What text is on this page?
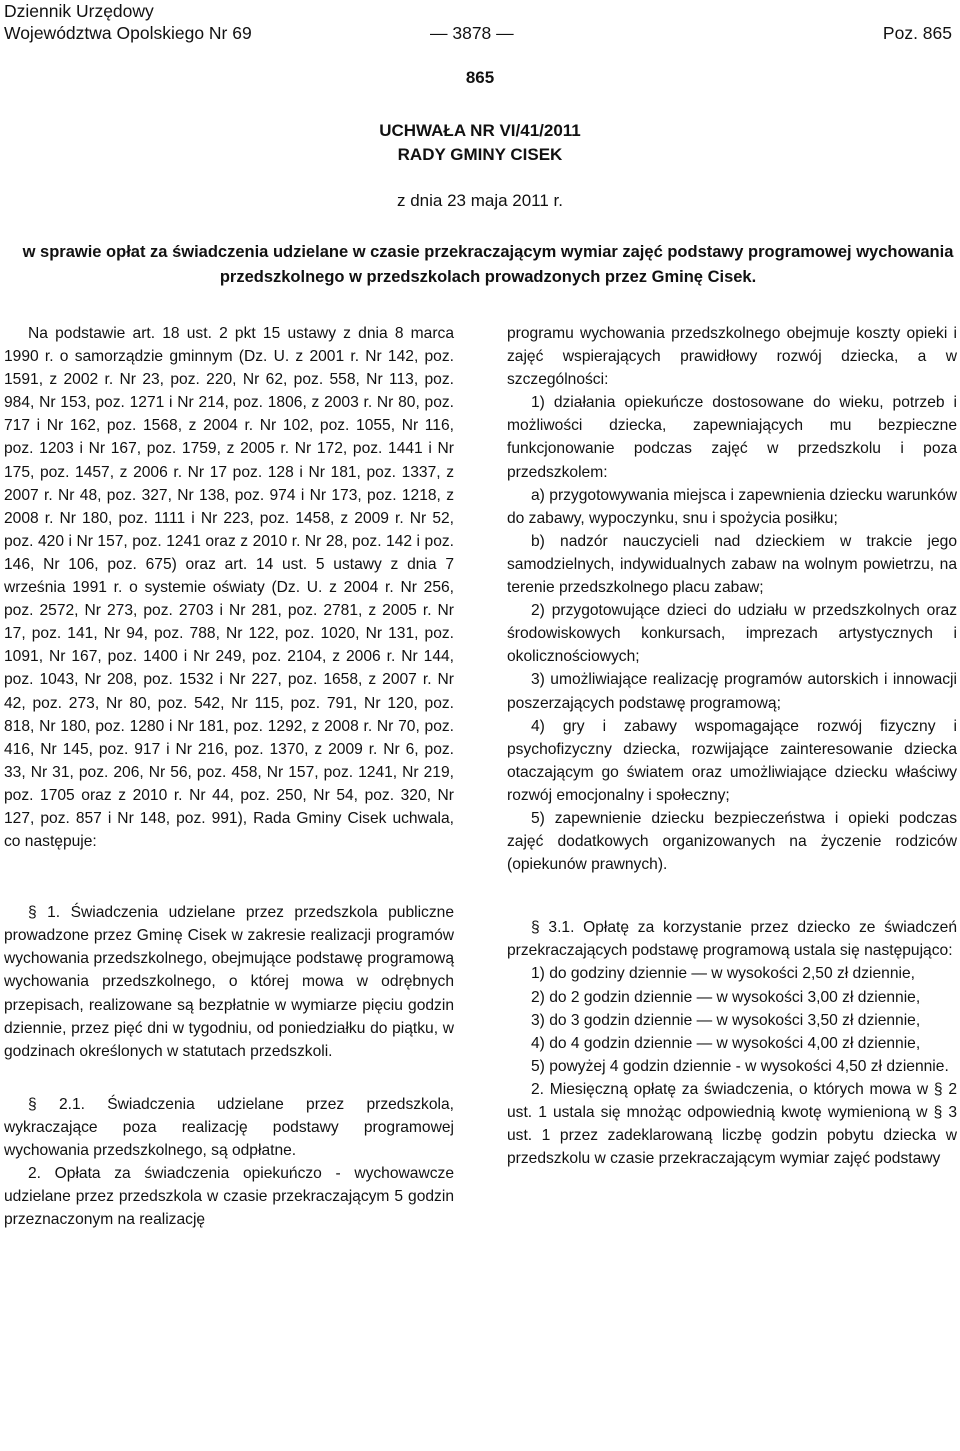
Dziennik Urzędowy
Województwa Opolskiego Nr 69	— 3878 —	Poz. 865
865
UCHWAŁA NR VI/41/2011
RADY GMINY CISEK
z dnia 23 maja 2011 r.
w sprawie opłat za świadczenia udzielane w czasie przekraczającym wymiar zajęć podstawy programowej wychowania przedszkolnego w przedszkolach prowadzonych przez Gminę Cisek.

Na podstawie art. 18 ust. 2 pkt 15 ustawy z dnia 8 marca 1990 r. o samorządzie gminnym (Dz. U. z 2001 r. Nr 142, poz. 1591, z 2002 r. Nr 23, poz. 220, Nr 62, poz. 558, Nr 113, poz. 984, Nr 153, poz. 1271 i Nr 214, poz. 1806, z 2003 r. Nr 80, poz. 717 i Nr 162, poz. 1568, z 2004 r. Nr 102, poz. 1055, Nr 116, poz. 1203 i Nr 167, poz. 1759, z 2005 r. Nr 172, poz. 1441 i Nr 175, poz. 1457, z 2006 r. Nr 17 poz. 128 i Nr 181, poz. 1337, z 2007 r. Nr 48, poz. 327, Nr 138, poz. 974 i Nr 173, poz. 1218, z 2008 r. Nr 180, poz. 1111 i Nr 223, poz. 1458, z 2009 r. Nr 52, poz. 420 i Nr 157, poz. 1241 oraz z 2010 r. Nr 28, poz. 142 i poz. 146, Nr 106, poz. 675) oraz art. 14 ust. 5 ustawy z dnia 7 września 1991 r. o systemie oświaty (Dz. U. z 2004 r. Nr 256, poz. 2572, Nr 273, poz. 2703 i Nr 281, poz. 2781, z 2005 r. Nr 17, poz. 141, Nr 94, poz. 788, Nr 122, poz. 1020, Nr 131, poz. 1091, Nr 167, poz. 1400 i Nr 249, poz. 2104, z 2006 r. Nr 144, poz. 1043, Nr 208, poz. 1532 i Nr 227, poz. 1658, z 2007 r. Nr 42, poz. 273, Nr 80, poz. 542, Nr 115, poz. 791, Nr 120, poz. 818, Nr 180, poz. 1280 i Nr 181, poz. 1292, z 2008 r. Nr 70, poz. 416, Nr 145, poz. 917 i Nr 216, poz. 1370, z 2009 r. Nr 6, poz. 33, Nr 31, poz. 206, Nr 56, poz. 458, Nr 157, poz. 1241, Nr 219, poz. 1705 oraz z 2010 r. Nr 44, poz. 250, Nr 54, poz. 320, Nr 127, poz. 857 i Nr 148, poz. 991), Rada Gminy Cisek uchwala, co następuje:

§ 1. Świadczenia udzielane przez przedszkola publiczne prowadzone przez Gminę Cisek w zakresie realizacji programów wychowania przedszkolnego, obejmujące podstawę programową wychowania przedszkolnego, o której mowa w odrębnych przepisach, realizowane są bezpłatnie w wymiarze pięciu godzin dziennie, przez pięć dni w tygodniu, od poniedziałku do piątku, w godzinach określonych w statutach przedszkoli.

§ 2.1. Świadczenia udzielane przez przedszkola, wykraczające poza realizację podstawy programowej wychowania przedszkolnego, są odpłatne.

2. Opłata za świadczenia opiekuńczo - wychowawcze udzielane przez przedszkola w czasie przekraczającym 5 godzin przeznaczonym na realizację

programu wychowania przedszkolnego obejmuje koszty opieki i zajęć wspierających prawidłowy rozwój dziecka, a w szczególności:

1) działania opiekuńcze dostosowane do wieku, potrzeb i możliwości dziecka, zapewniających mu bezpieczne funkcjonowanie podczas zajęć w przedszkolu i poza przedszkolem:

a) przygotowywania miejsca i zapewnienia dziecku warunków do zabawy, wypoczynku, snu i spożycia posiłku;

b) nadzór nauczycieli nad dzieckiem w trakcie jego samodzielnych, indywidualnych zabaw na wolnym powietrzu, na terenie przedszkolnego placu zabaw;

2) przygotowujące dzieci do udziału w przedszkolnych oraz środowiskowych konkursach, imprezach artystycznych i okolicznościowych;

3) umożliwiające realizację programów autorskich i innowacji poszerzających podstawę programową;

4) gry i zabawy wspomagające rozwój fizyczny i psychofizyczny dziecka, rozwijające zainteresowanie dziecka otaczającym go światem oraz umożliwiające dziecku właściwy rozwój emocjonalny i społeczny;

5) zapewnienie dziecku bezpieczeństwa i opieki podczas zajęć dodatkowych organizowanych na życzenie rodziców (opiekunów prawnych).

§ 3.1. Opłatę za korzystanie przez dziecko ze świadczeń przekraczających podstawę programową ustala się następująco:

1) do godziny dziennie — w wysokości 2,50 zł dziennie,

2) do 2 godzin dziennie — w wysokości 3,00 zł dziennie,

3) do 3 godzin dziennie — w wysokości 3,50 zł dziennie,

4) do 4 godzin dziennie — w wysokości 4,00 zł dziennie,

5) powyżej 4 godzin dziennie - w wysokości 4,50 zł dziennie.

2. Miesięczną opłatę za świadczenia, o których mowa w § 2 ust. 1 ustala się mnożąc odpowiednią kwotę wymienioną w § 3 ust. 1 przez zadeklarowaną liczbę godzin pobytu dziecka w przedszkolu w czasie przekraczającym wymiar zajęć podstawy
